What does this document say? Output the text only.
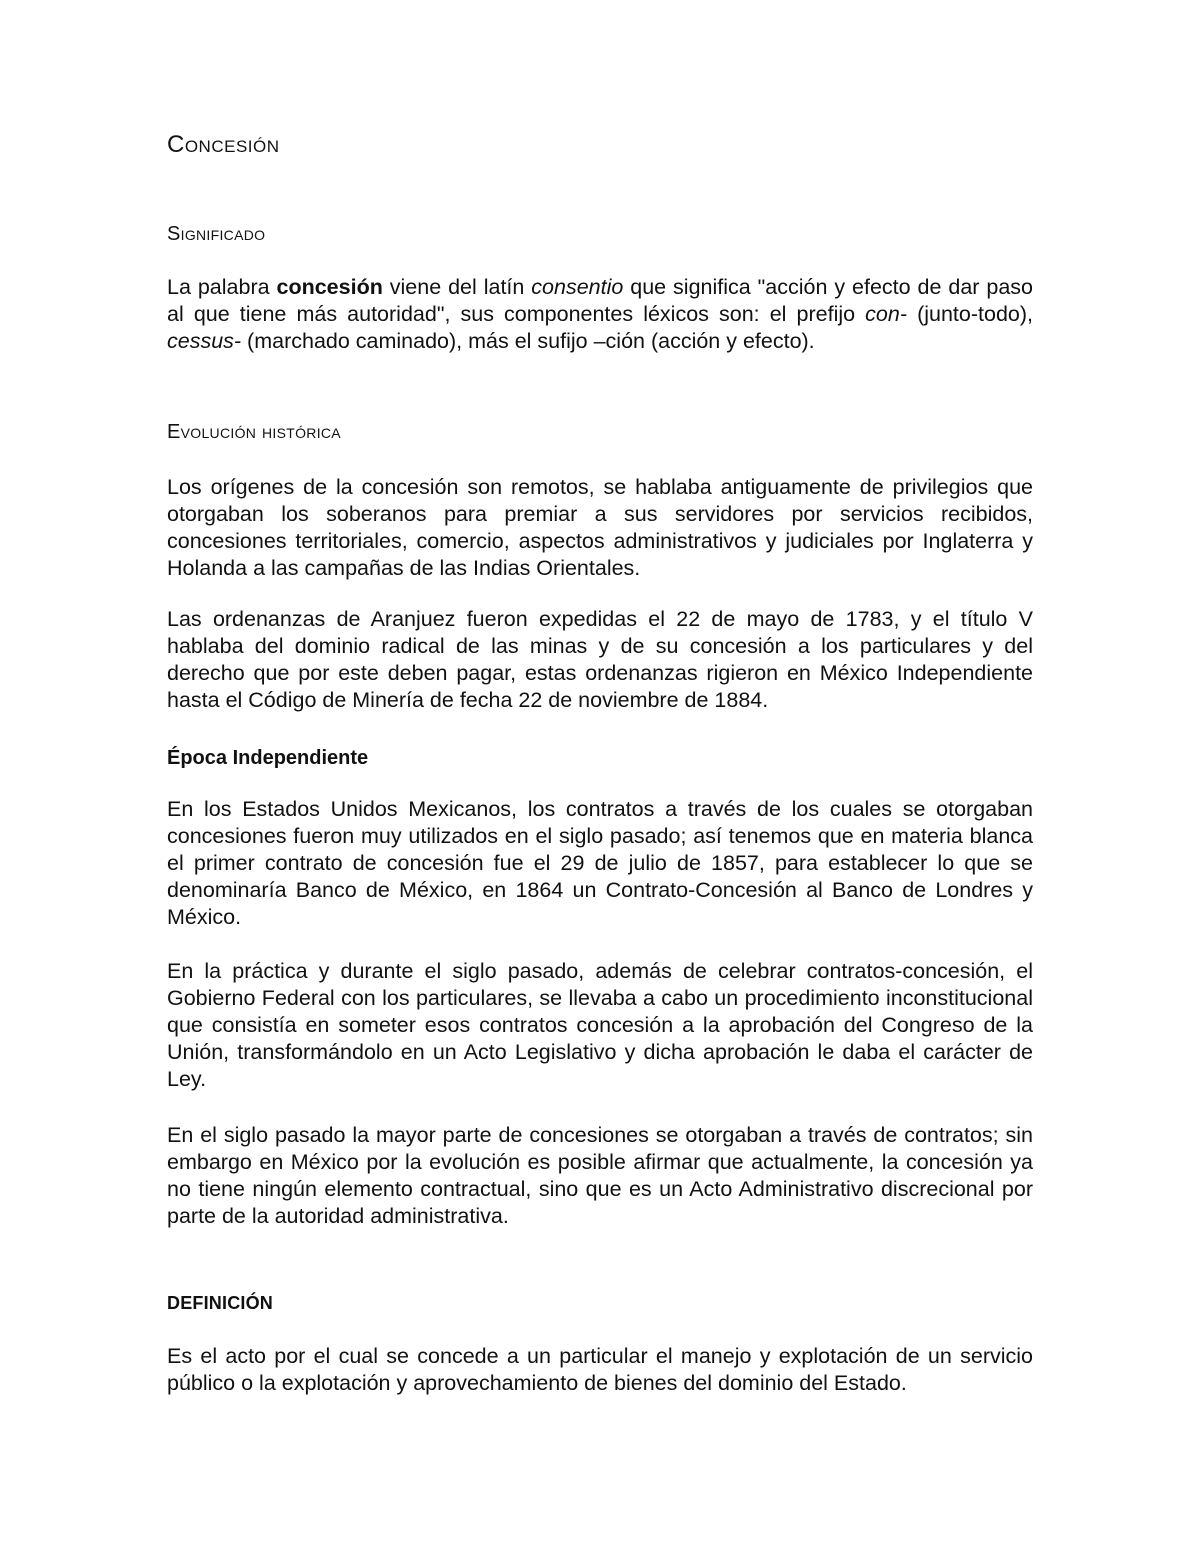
Concesión
Significado

La palabra concesión viene del latín consentio que significa "acción y efecto de dar paso al que tiene más autoridad", sus componentes léxicos son: el prefijo con- (junto-todo), cessus- (marchado caminado), más el sufijo –ción (acción y efecto).

Evolución histórica

Los orígenes de la concesión son remotos, se hablaba antiguamente de privilegios que otorgaban los soberanos para premiar a sus servidores por servicios recibidos, concesiones territoriales, comercio, aspectos administrativos y judiciales por Inglaterra y Holanda a las campañas de las Indias Orientales.

Las ordenanzas de Aranjuez fueron expedidas el 22 de mayo de 1783, y el título V hablaba del dominio radical de las minas y de su concesión a los particulares y del derecho que por este deben pagar, estas ordenanzas rigieron en México Independiente hasta el Código de Minería de fecha 22 de noviembre de 1884.

Época Independiente

En los Estados Unidos Mexicanos, los contratos a través de los cuales se otorgaban concesiones fueron muy utilizados en el siglo pasado; así tenemos que en materia blanca el primer contrato de concesión fue el 29 de julio de 1857, para establecer lo que se denominaría Banco de México, en 1864 un Contrato-Concesión al Banco de Londres y México.

En la práctica y durante el siglo pasado, además de celebrar contratos-concesión, el Gobierno Federal con los particulares, se llevaba a cabo un procedimiento inconstitucional que consistía en someter esos contratos concesión a la aprobación del Congreso de la Unión, transformándolo en un Acto Legislativo y dicha aprobación le daba el carácter de Ley.

En el siglo pasado la mayor parte de concesiones se otorgaban a través de contratos; sin embargo en México por la evolución es posible afirmar que actualmente, la concesión ya no tiene ningún elemento contractual, sino que es un Acto Administrativo discrecional por parte de la autoridad administrativa.

DEFINICIÓN

Es el acto por el cual se concede a un particular el manejo y explotación de un servicio público o la explotación y aprovechamiento de bienes del dominio del Estado.
